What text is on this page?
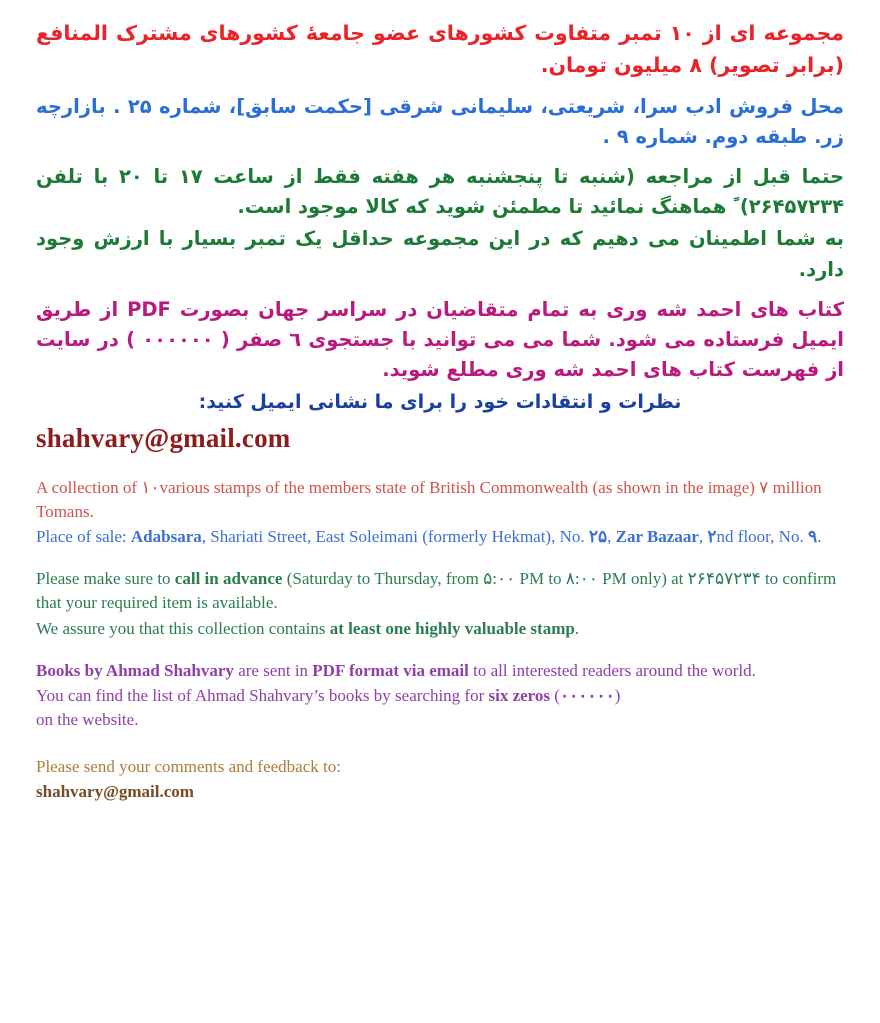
مجموعه ای از ۱۰ تمبر متفاوت کشورهای عضو جامعهٔ کشورهای مشترک المنافع (برابر تصویر) ۸ میلیون تومان.

محل فروش ادب سرا، شریعتی، سلیمانی شرقی [حکمت سابق]، شماره ۲۵ . بازارچه زر. طبقه دوم. شماره ۹ .

حتما قبل از مراجعه (شنبه تا پنجشنبه هر هفته فقط از ساعت ۱۷ تا ۲۰ با تلفن ۲۶۴۵۷۲۳۴) ً هماهنگ نمائید تا مطمئن شوید که کالا موجود است.

به شما اطمینان می دهیم که در این مجموعه حداقل یک تمبر بسیار با ارزش وجود دارد.

کتاب های احمد شه وری به تمام متقاضیان در سراسر جهان بصورت PDF از طریق ایمیل فرستاده می شود. شما می می توانید با جستجوی ٦ صفر ( ۰۰۰۰۰۰ ) در سایت از فهرست کتاب های احمد شه وری مطلع شوید.

نظرات و انتقادات خود را برای ما نشانی ایمیل کنید:

shahvary@gmail.com

A collection of ۱۰various stamps of the members state of British Commonwealth (as shown in the image) ۷ million Tomans.

Place of sale: Adabsara, Shariati Street, East Soleimani (formerly Hekmat), No. ۲۵, Zar Bazaar, ۲nd floor, No. ۹.

Please make sure to call in advance (Saturday to Thursday, from ۵:۰۰ PM to ۸:۰۰ PM only) at ۲۶۴۵۷۲۳۴ to confirm that your required item is available.

We assure you that this collection contains at least one highly valuable stamp.

Books by Ahmad Shahvary are sent in PDF format via email to all interested readers around the world.

You can find the list of Ahmad Shahvary’s books by searching for six zeros (۰۰۰۰۰۰)
on the website.

Please send your comments and feedback to:

shahvary@gmail.com
